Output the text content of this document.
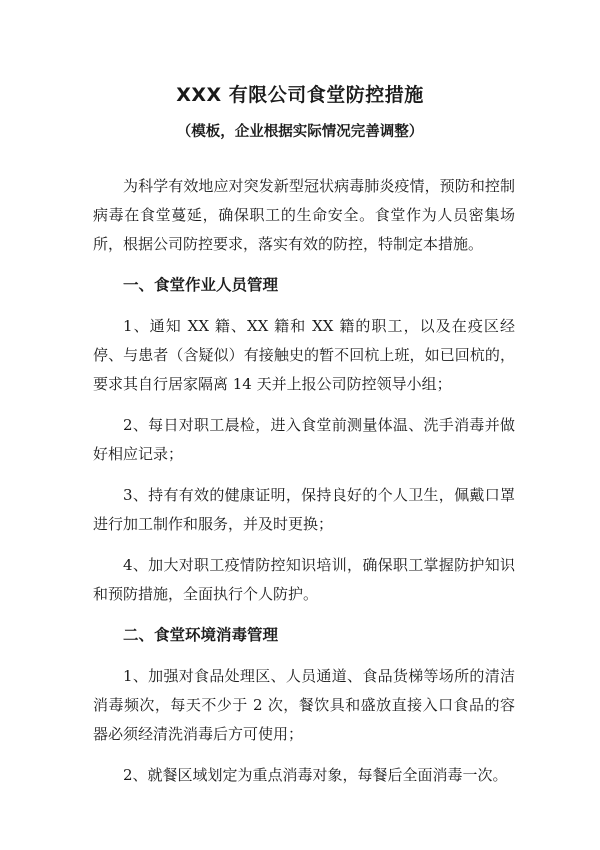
XXX 有限公司食堂防控措施
（模板，企业根据实际情况完善调整）

为科学有效地应对突发新型冠状病毒肺炎疫情，预防和控制病毒在食堂蔓延，确保职工的生命安全。食堂作为人员密集场所，根据公司防控要求，落实有效的防控，特制定本措施。

一、食堂作业人员管理

1、通知 XX 籍、XX 籍和 XX 籍的职工，以及在疫区经停、与患者（含疑似）有接触史的暂不回杭上班，如已回杭的，要求其自行居家隔离 14 天并上报公司防控领导小组；

2、每日对职工晨检，进入食堂前测量体温、洗手消毒并做好相应记录；

3、持有有效的健康证明，保持良好的个人卫生，佩戴口罩进行加工制作和服务，并及时更换；

4、加大对职工疫情防控知识培训，确保职工掌握防护知识和预防措施，全面执行个人防护。

二、食堂环境消毒管理

1、加强对食品处理区、人员通道、食品货梯等场所的清洁消毒频次，每天不少于 2 次，餐饮具和盛放直接入口食品的容器必须经清洗消毒后方可使用；

2、就餐区域划定为重点消毒对象，每餐后全面消毒一次。
